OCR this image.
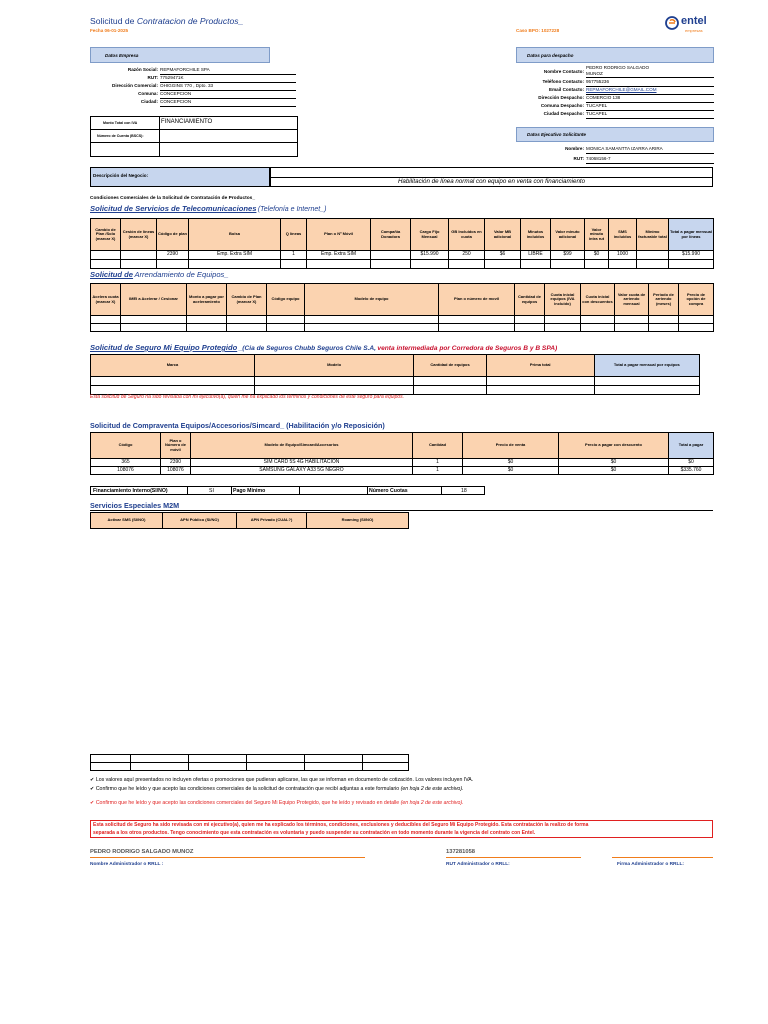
Solicitud de Contratacion de Productos_
Fecha 06-01-2025	Caso BPO: 1027228
entel
empresas
Datos Empresa
Razón Social: REPMAFORCHILE SPA
RUT: 77529471K
Dirección Comercial: OHIGGINS 770 , Dpto. 33
Comuna: CONCEPCION
Ciudad: CONCEPCION
Monto Total con IVA	FINANCIAMIENTO
Número de Cuenta (BSCS):
Datos para despacho
Nombre Contacto:
PEDRO RODRIGO SALGADO
MUNOZ
Teléfono Contacto: 957755236
Email Contacto: REPMAFORCHILE@GMAIL.COM
Dirección Despacho: COMERCIO 138
Comuna Despacho: TUCAPEL
Ciudad Despacho: TUCAPEL
Datos Ejecutivo Solicitante
Nombre: MONICA SAMANTTA IZARRA ARIRA
RUT: 74068156-7
Descripción del Negocio:
Habilitación de línea normal con equipo en venta con financiamiento
Condiciones Comerciales de la Solicitud de Contratación de Productos_
Solicitud de Servicios de Telecomunicaciones (Telefonía e Internet_)
Cambio de Plan /Solo (marcar X)	Cesión de líneas (marcar X)	Código de plan	Bolsa	Q líneas	Plan o Nº Móvil	Compañía Donadora	Cargo Fijo Mensual	GB Incluidos en cuota	Valor MB adicional	Minutos incluidos	Valor minuto adicional	Valor minuto intra rut	SMS incluidos	Mínimo facturable total	Total a pagar mensual por líneas
		2390	Emp. Extra SIM	1	Emp. Extra SIM		$15.990	250	$6	LIBRE	$99	$0	1000		$15.990

Solicitud de Arrendamiento de Equipos_
Acelera cuota (marcar X)	IMEI a Acelerar / Cesionar	Monto a pagar por aceleramiento	Cambio de Plan (marcar X)	Código equipo	Modelo de equipo	Plan o número de movil	Cantidad de equipos	Cuota inicial equipos (IVA incluido)	Cuota inicial con descuentos	Valor cuota de arriendo mensual	Periodo de arriendo (meses)	Precio de opción de compra	

Solicitud de Seguro Mi Equipo Protegido _(Cia de Seguros Chubb Seguros Chile S.A, venta intermediada por Corredora de Seguros B y B SPA)
Marca	Modelo	Cantidad de equipos	Prima total	Total a pagar mensual por equipos

Esta solicitud de Seguro ha sido revisada con mi ejecutivo(a), quien me ha explicado los términos y condiciones de este seguro para equipos.
Solicitud de Compraventa Equipos/Accesorios/Simcard_ (Habilitación y/o Reposición)
Código	Plan o Número de móvil	Modelo de Equipo/Simcard/Accesorios	Cantidad	Precio de venta	Precio a pagar con descuento	Total a pagar
365	2390	SIM CARD 5S 4G HABILITACION	1	$0	$0	$0
108076	108076	SAMSUNG GALAXY A33 5G NEGRO	1	$0	$0	$335.760
Financiamiento Interno(SI/NO)	SI	Pago Mínimo	Número Cuotas	18
Servicios Especiales M2M
Activar SMS (SI/NO)	APN Público (SI/NO)	APN Privado (CUAL?)	Roaming (SI/NO)

✔ Los valores aquí presentados no incluyen ofertas o promociones que pudieran aplicarse, las que se informan en documento de cotización. Los valores incluyen IVA.
✔ Confirmo que he leído y que acepto las condiciones comerciales de la solicitud de contratación que recibí adjuntas a este formulario (en hoja 2 de este archivo).
✔ Confirmo que he leído y que acepto las condiciones comerciales del Seguro Mi Equipo Protegido, que he leído y revisado en detalle (en hoja 2 de este archivo).
Esta solicitud de Seguro ha sido revisada con mi ejecutivo(a), quien me ha explicado los términos, condiciones, exclusiones y deducibles del Seguro Mi Equipo Protegido. Esta contratación la realizo de forma
separada a los otros productos. Tengo conocimiento que esta contratación es voluntaria y puedo suspender su contratación en todo momento durante la vigencia del contrato con Entel.
PEDRO RODRIGO SALGADO MUNOZ
Nombre Administrador o RRLL :
137281058
RUT Administrador o RRLL:	Firma Administrador o RRLL:
